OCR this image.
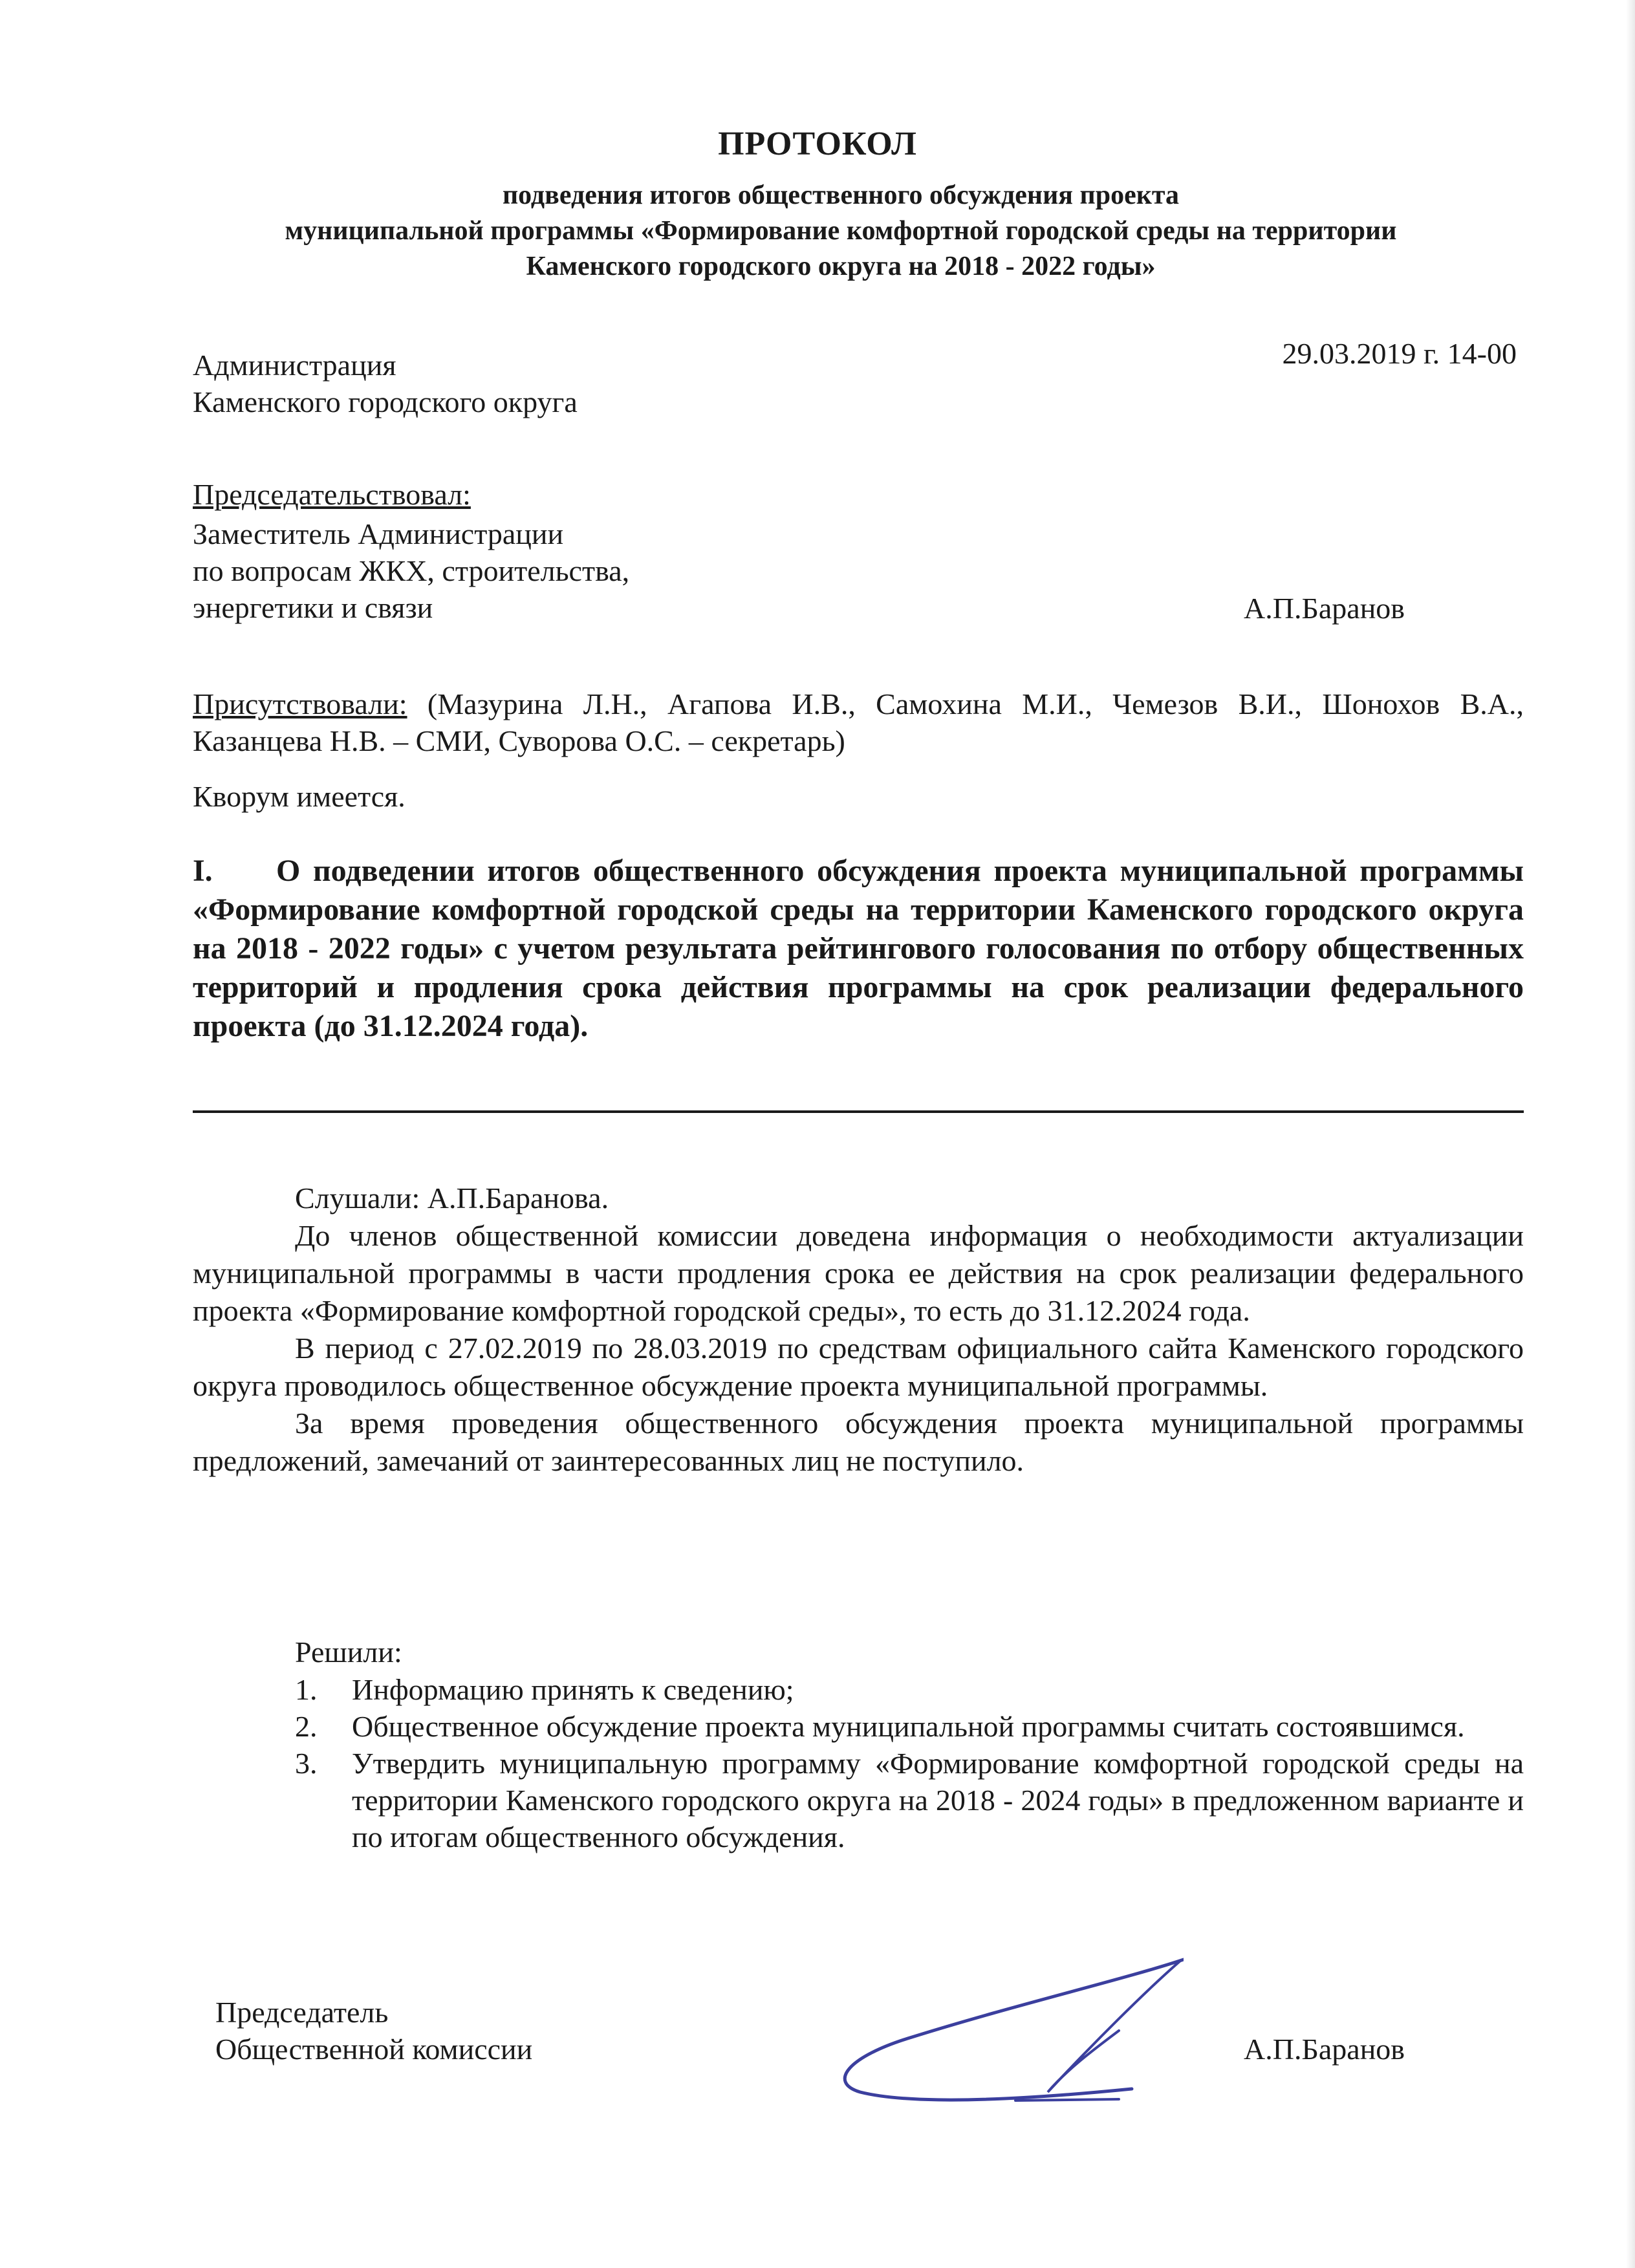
ПРОТОКОЛ
подведения итогов общественного обсуждения проекта
муниципальной программы «Формирование комфортной городской среды на территории
Каменского городского округа на 2018 - 2022 годы»
Администрация
Каменского городского округа
29.03.2019 г. 14-00
Председательствовал:
Заместитель Администрации
по вопросам ЖКХ, строительства,
энергетики и связи	А.П.Баранов
Присутствовали: (Мазурина Л.Н., Агапова И.В., Самохина М.И., Чемезов В.И., Шонохов В.А., Казанцева Н.В. – СМИ, Суворова О.С. – секретарь)
Кворум имеется.
I. О подведении итогов общественного обсуждения проекта муниципальной программы «Формирование комфортной городской среды на территории Каменского городского округа на 2018 - 2022 годы» с учетом результата рейтингового голосования по отбору общественных территорий и продления срока действия программы на срок реализации федерального проекта (до 31.12.2024 года).

Слушали: А.П.Баранова.

До членов общественной комиссии доведена информация о необходимости актуализации муниципальной программы в части продления срока ее действия на срок реализации федерального проекта «Формирование комфортной городской среды», то есть до 31.12.2024 года.

В период с 27.02.2019 по 28.03.2019 по средствам официального сайта Каменского городского округа проводилось общественное обсуждение проекта муниципальной программы.

За время проведения общественного обсуждения проекта муниципальной программы предложений, замечаний от заинтересованных лиц не поступило.

Решили:
1.	Информацию принять к сведению;
2.	Общественное обсуждение проекта муниципальной программы считать состоявшимся.
3.	Утвердить муниципальную программу «Формирование комфортной городской среды на территории Каменского городского округа на 2018 - 2024 годы» в предложенном варианте и по итогам общественного обсуждения.
Председатель
Общественной комиссии	А.П.Баранов
